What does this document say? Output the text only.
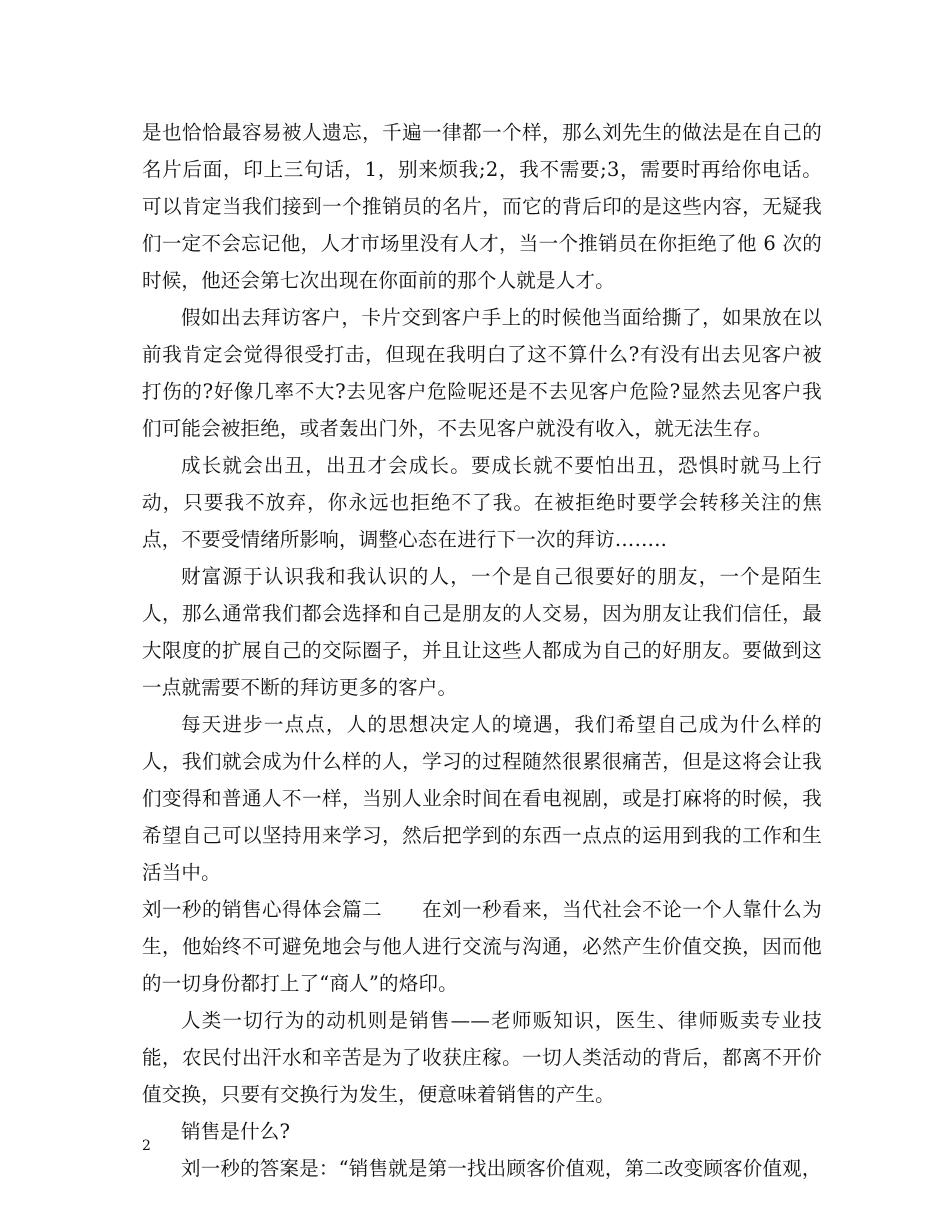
是也恰恰最容易被人遗忘，千遍一律都一个样，那么刘先生的做法是在自己的名片后面，印上三句话，1，别来烦我;2，我不需要;3，需要时再给你电话。可以肯定当我们接到一个推销员的名片，而它的背后印的是这些内容，无疑我们一定不会忘记他，人才市场里没有人才，当一个推销员在你拒绝了他 6 次的时候，他还会第七次出现在你面前的那个人就是人才。

假如出去拜访客户，卡片交到客户手上的时候他当面给撕了，如果放在以前我肯定会觉得很受打击，但现在我明白了这不算什么?有没有出去见客户被打伤的?好像几率不大?去见客户危险呢还是不去见客户危险?显然去见客户我们可能会被拒绝，或者轰出门外，不去见客户就没有收入，就无法生存。

成长就会出丑，出丑才会成长。要成长就不要怕出丑，恐惧时就马上行动，只要我不放弃，你永远也拒绝不了我。在被拒绝时要学会转移关注的焦点，不要受情绪所影响，调整心态在进行下一次的拜访……..

财富源于认识我和我认识的人，一个是自己很要好的朋友，一个是陌生人，那么通常我们都会选择和自己是朋友的人交易，因为朋友让我们信任，最大限度的扩展自己的交际圈子，并且让这些人都成为自己的好朋友。要做到这一点就需要不断的拜访更多的客户。

每天进步一点点，人的思想决定人的境遇，我们希望自己成为什么样的人，我们就会成为什么样的人，学习的过程随然很累很痛苦，但是这将会让我们变得和普通人不一样，当别人业余时间在看电视剧，或是打麻将的时候，我希望自己可以坚持用来学习，然后把学到的东西一点点的运用到我的工作和生活当中。

刘一秒的销售心得体会篇二　　在刘一秒看来，当代社会不论一个人靠什么为生，他始终不可避免地会与他人进行交流与沟通，必然产生价值交换，因而他的一切身份都打上了“商人”的烙印。

人类一切行为的动机则是销售——老师贩知识，医生、律师贩卖专业技能，农民付出汗水和辛苦是为了收获庄稼。一切人类活动的背后，都离不开价值交换，只要有交换行为发生，便意味着销售的产生。

销售是什么?

刘一秒的答案是：“销售就是第一找出顾客价值观，第二改变顾客价值观，

2
